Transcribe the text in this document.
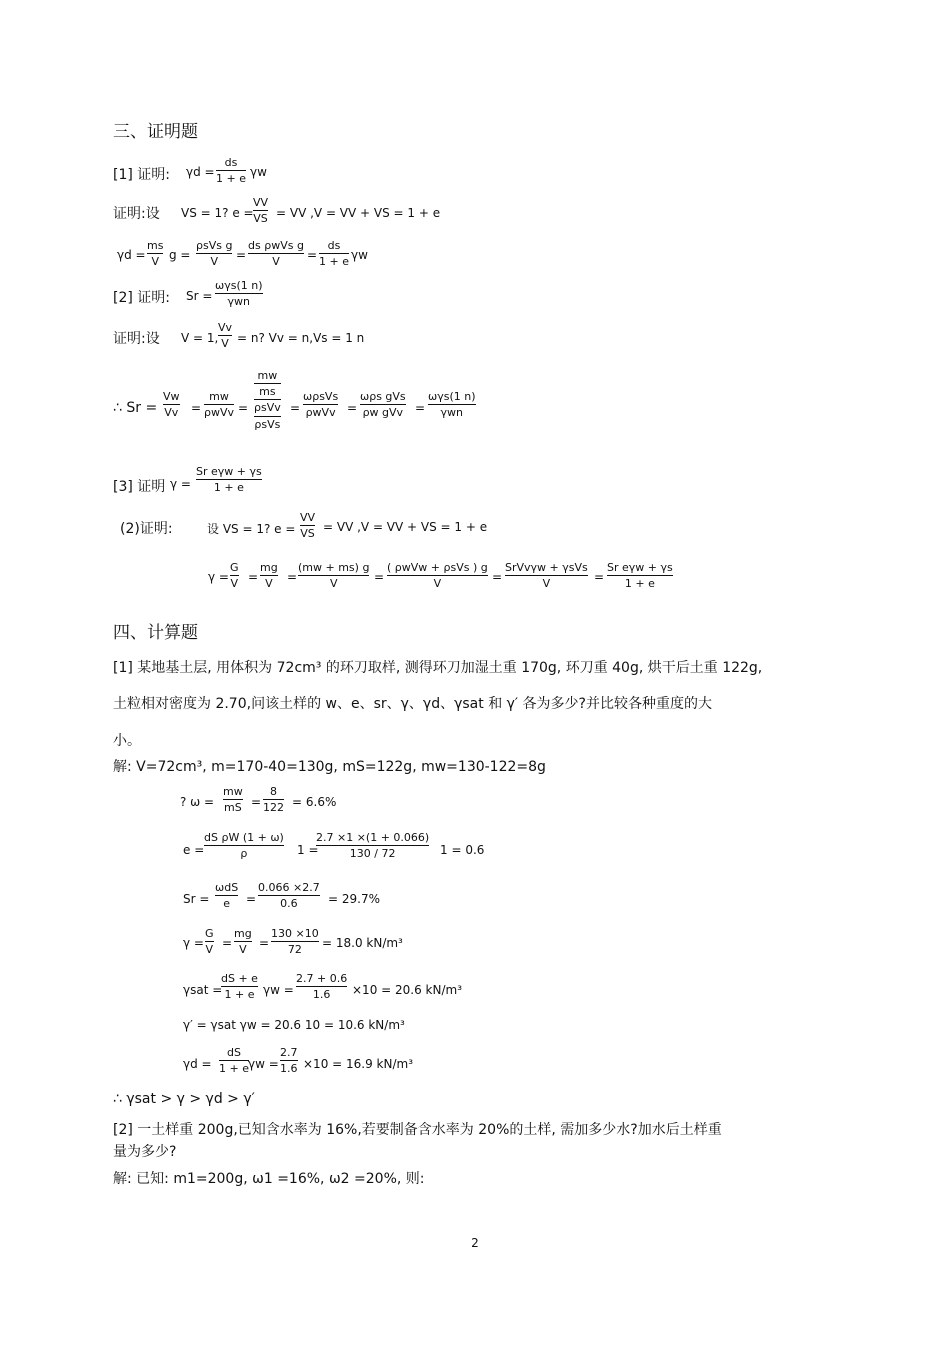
三、证明题
[1] 证明: γd =
ds
1 + e γw
证明:设 VS = 1? e =
VV
VS = VV ,V = VV + VS = 1 + e
γd =
ms
V g =
ρsVs g
V =
ds ρwVs g
V =
ds
1 + e γw
[2] 证明: Sr =
ωγs(1 n)
γwn
证明:设 V = 1,
Vv
V = n? Vv = n,Vs = 1 n
∴ Sr =
Vw
Vv =
mw
ρwVv =
mw
ms
ρsVv
ρsVs
=
ωρsVs
ρwVv =
ωρs gVs
ρw gVv =
ωγs(1 n)
γwn
[3] 证明 γ =
Sr eγw + γs
1 + e
(2)证明:	设 VS = 1? e =
VV
VS = VV ,V = VV + VS = 1 + e
γ =
G
V =
mg
V =
(mw + ms) g
V	=
( ρwVw + ρsVs ) g
V	=
SrVvγw + γsVs
V	=
Sr eγw + γs
1 + e
四、计算题
[1] 某地基土层, 用体积为 72cm³ 的环刀取样, 测得环刀加湿土重 170g, 环刀重 40g, 烘干后土重 122g,
土粒相对密度为 2.70,问该土样的 w、e、sr、γ、γd、γsat 和 γ′ 各为多少?并比较各种重度的大
小。
解: V=72cm³, m=170-40=130g, mS=122g, mw=130-122=8g
? ω =
mw
mS =
8
122 = 6.6%
e =
dS ρW (1 + ω)
ρ	1 =
2.7 ×1 ×(1 + 0.066)
130 / 72	1 = 0.6
Sr =
ωdS
e =
0.066 ×2.7
0.6	= 29.7%
γ =
G
V =
mg
V =
130 ×10
72 = 18.0 kN/m³
γsat =
dS + e
1 + e γw =
2.7 + 0.6
1.6 ×10 = 20.6 kN/m³
γ′ = γsat γw = 20.6 10 = 10.6 kN/m³
γd =
dS
1 + e γw =
2.7
1.6 ×10 = 16.9 kN/m³
∴ γsat > γ > γd > γ′
[2] 一土样重 200g,已知含水率为 16%,若要制备含水率为 20%的土样, 需加多少水?加水后土样重
量为多少?
解: 已知: m1=200g, ω1 =16%, ω2 =20%, 则:
2
